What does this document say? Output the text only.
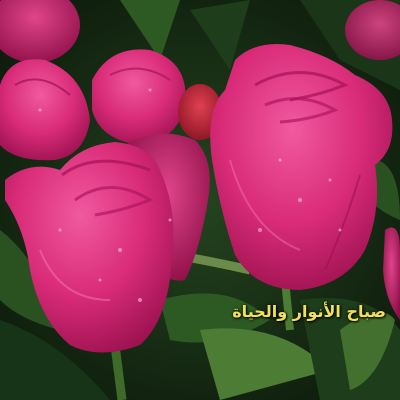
صباح الأنوار والحياة
